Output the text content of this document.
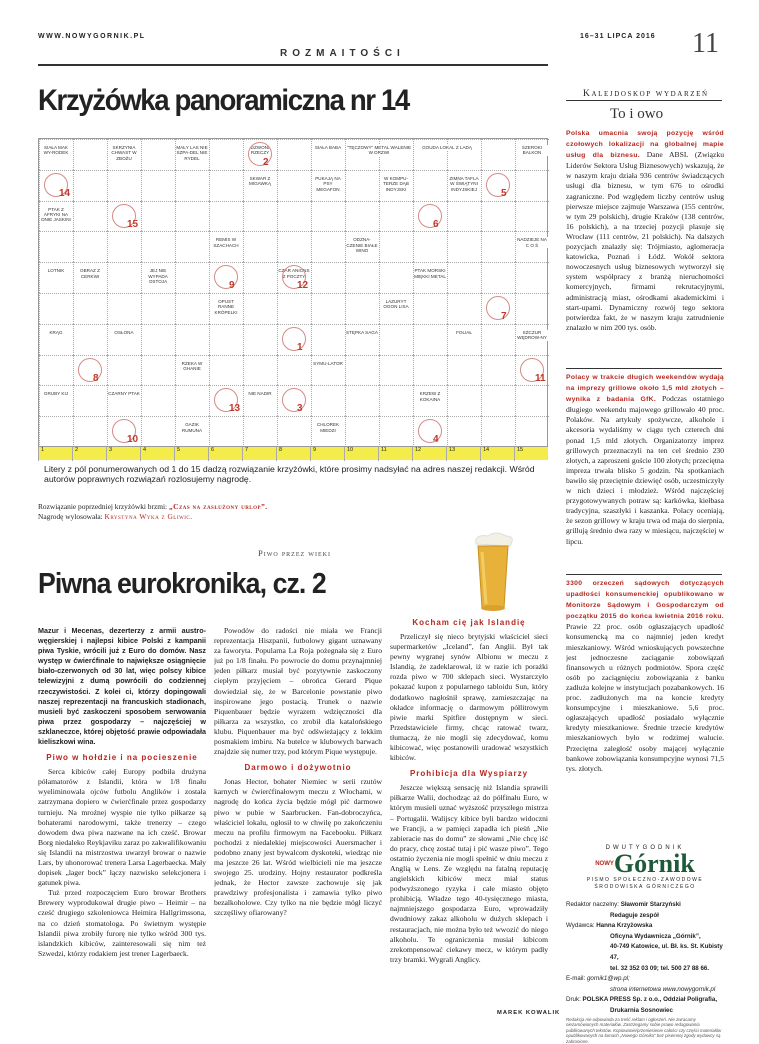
WWW.NOWYGORNIK.PL	16–31 LIPCA 2016 11
ROZMAITOŚCI
Krzyżówka panoramiczna nr 14
SIAŁA MAK WY-RODEK
SKRZYNIA CHWAST W ZBOŻU
MAŁY LAS NIE SZPA-DEL NIE RYDEL
DZWONI RZECZY
SIAŁA BABA	"TĘCZOWY" METAL WALENIE W DRZWI
GOUDA LOKAL Z LADĄ	SZEROKI BALKON
SKWAR Z MIGAWKĄ
PUKAJĄ NA PSY MEGAFON
W KOMPU-TERZE DĄB INDYJSKI
ZIMNA TAFLA W ŚWIĄTYNI INDYJSKIEJ
PTAK Z AFRYKI NA DNIE JASKINI
REMIS W SZACHACH
ODZNA-CZENIE BIAŁE WINO
NADZIEJE NA C O Ś
LOTNIK	OBRAZ Z CERKWI
JEJ NIE WYPADA OSTOJA
CZAR ANIONS Z POCZTY
PTAK MORSKI MIĘKKI METAL
OPUST RANNE KRÓPELKI
LAZURYT OGON LISA
KRĄG	OSŁONA	STĘPKA SAGA	FOLIAŁ	SZCZUR WĘDROW-NY
RZEKA W GHANIE
SYMU-LATOR
GRUBY KIJ	CZARNY PTAK	NIE NADIR	KRZEW Z KOKAINA
GAZIK RUMUNA
CHLOREK MIEDZI
14
2
5
15	6
9	12
7
1
8	11
13	3
10	4
1	2	3	4	5	6	7	8	9	10	11	12	13	14	15
Litery z pól ponumerowanych od 1 do 15 dadzą rozwiązanie krzyżówki, które prosimy nadsyłać na adres naszej redakcji. Wśród autorów poprawnych rozwiązań rozlosujemy nagrodę.
Rozwiązanie poprzedniej krzyżówki brzmi: „Czas na zasłużony urlop”.
Nagrodę wylosowała: Krystyna Wyka z Gliwic.
Piwo przez wieki
Piwna eurokronika, cz. 2
Mazur i Mecenas, dezerterzy z armii austro-węgierskiej i najlepsi kibice Polski z kampanii piwa Tyskie, wrócili już z Euro do domów. Nasz występ w ćwierćfinale to największe osiągnięcie biało-czerwonych od 30 lat, więc polscy kibice telewizyjni z dumą powrócili do codziennej rzeczywistości. Z kolei ci, którzy dopingowali naszej reprezentacji na francuskich stadionach, musieli być zaskoczeni sposobem serwowania piwa przez gospodarzy – najczęściej w szklaneczce, której objętość prawie odpowiadała kieliszkowi wina.
Piwo w hołdzie i na pocieszenie
Serca kibiców całej Europy podbiła drużyna półamatorów z Islandii, która w 1/8 finału wyeliminowała ojców futbolu Anglików i została zatrzymana dopiero w ćwierćfinale przez gospodarzy turnieju. Na mroźnej wyspie nie tylko piłkarze są bohaterami narodowymi, także trenerzy – czego dowodem dwa piwa nazwane na ich cześć. Browar Borg niedaleko Reykjaviku zaraz po zakwalifikowaniu się Islandii na mistrzostwa uwarzył browar o nazwie Lars, by uhonorować trenera Larsa Lagerbaecka. Mały dopisek „lager bock” łączy nazwisko selekcjonera i gatunek piwa.
Tuż przed rozpoczęciem Euro browar Brothers Brewery wyprodukował drugie piwo – Heimir – na cześć drugiego szkoleniowca Heimira Hallgrimssona, na co dzień stomatologa. Po świetnym występie Islandii piwa zrobiły furorę nie tylko wśród 300 tys. islandzkich kibiców, zainteresowali się nim też Szwedzi, którzy rodakiem jest trener Lagerbaeck.
Powodów do radości nie miała we Francji reprezentacja Hiszpanii, futbolowy gigant uznawany za faworyta. Popularna La Roja pożegnała się z Euro już po 1/8 finału. Po powrocie do domu przynajmniej jeden piłkarz musiał być pozytywnie zaskoczony ciepłym przyjęciem – obrońca Gerard Pique dowiedział się, że w Barcelonie powstanie piwo inspirowane jego postacią. Trunek o nazwie Piquenbauer będzie wyrazem wdzięczności dla piłkarza za wszystko, co zrobił dla katalońskiego klubu. Piquenbauer ma być odświeżający z lekkim posmakiem imbiru. Na butelce w klubowych barwach znajdzie się numer trzy, pod którym Pique występuje.
Darmowo i dożywotnio
Jonas Hector, bohater Niemiec w serii rzutów karnych w ćwierćfinałowym meczu z Włochami, w nagrodę do końca życia będzie mógł pić darmowe piwo w pubie w Saarbrucken. Fan-dobroczyńca, właściciel lokalu, ogłosił to w chwilę po zakończeniu meczu na profilu firmowym na Facebooku. Piłkarz pochodzi z niedalekiej miejscowości Auersmacher i podobno znany jest bywalcom dyskoteki, wiedząc nie ma jeszcze 26 lat. Wśród wielbicieli nie ma jeszcze swojego 25. urodziny. Hojny restaurator podkreśla jednak, że Hector zawsze zachowuje się jak prawdziwy profesjonalista i zamawia tylko piwo bezalkoholowe. Czy tylko na nie będzie mógł liczyć szczęśliwy ofiarowany?
Kocham cię jak Islandię
Przeliczył się nieco brytyjski właściciel sieci supermarketów „Iceland”, fan Anglii. Był tak pewny wygranej synów Albionu w meczu z Islandią, że zadeklarował, iż w razie ich porażki rozda piwo w 700 sklepach sieci. Wystarczyło pokazać kupon z popularnego tabloidu Sun, który dodatkowo nagłośnił sprawę, zamieszczając na okładce informację o darmowym półlitrowym piwie marki Spitfire dostępnym w sieci. Przedstawiciele firmy, chcąc ratować twarz, tłumaczą, że nie mogli się zdecydować, komu kibicować, więc postanowili uradować wszystkich kibiców.
Prohibicja dla Wyspiarzy
Jeszcze większą sensację niż Islandia sprawili piłkarze Walii, dochodząc aż do półfinału Euro, w którym musieli uznać wyższość przyszłego mistrza – Portugalii. Walijscy kibice byli bardzo widoczni we Francji, a w pamięci zapadła ich pieśń „Nie zabieracie nas do domu” ze słowami „Nie chcę iść do pracy, chcę zostać tutaj i pić wasze piwo”. Tego ostatnio życzenia nie mogli spełnić w dniu meczu z Anglią w Lens. Ze względu na fatalną reputację angielskich kibiców mecz miał status podwyższonego ryzyka i całe miasto objęto prohibicją. Władze tego 40-tysięcznego miasta, najmniejszego gospodarza Euro, wprowadziły dwudniowy zakaz alkoholu w dużych sklepach i restauracjach, nie można było też wwozić do niego alkoholu. Te ograniczenia musiał kibicom zrekompensować ciekawy mecz, w którym padły trzy bramki. Wygrali Anglicy.
MAREK KOWALIK
Kalejdoskop wydarzeń
To i owo
Polska umacnia swoją pozycję wśród czołowych lokalizacji na globalnej mapie usług dla biznesu. Dane ABSL (Związku Liderów Sektora Usług Biznesowych) wskazują, że w naszym kraju działa 936 centrów świadczących usługi dla biznesu, w tym 676 to ośrodki zagraniczne. Pod względem liczby centrów usług pierwsze miejsce zajmuje Warszawa (155 centrów, w tym 29 polskich), drugie Kraków (138 centrów, 16 polskich), a na trzeciej pozycji plasuje się Wrocław (111 centrów, 21 polskich). Na dalszych pozycjach znalazły się: Trójmiasto, aglomeracja katowicka, Poznań i Łódź. Wokół sektora nowoczesnych usług biznesowych wytworzył się system współpracy z branżą nieruchomości komercyjnych, firmami rekrutacyjnymi, administracją miast, ośrodkami akademickimi i start-upami. Dynamiczny rozwój tego sektora potwierdza fakt, że w naszym kraju zatrudnienie znalazło w nim 200 tys. osób.
Polacy w trakcie długich weekendów wydają na imprezy grillowe około 1,5 mld złotych – wynika z badania GfK. Podczas ostatniego długiego weekendu majowego grillowało 40 proc. Polaków. Na artykuły spożywcze, alkohole i akcesoria wydaliśmy w ciągu tych czterech dni ponad 1,5 mld złotych. Organizatorzy imprez grillowych przeznaczyli na ten cel średnio 230 złotych, a zaproszeni goście 100 złotych; przeciętna impreza trwała blisko 5 godzin. Na spotkaniach bawiło się przeciętnie dziewięć osób, uczestniczyły w nich dzieci i młodzież. Wśród najczęściej przygotowywanych potraw są: karkówka, kiełbasa tradycyjna, szaszłyki i kaszanka. Polacy oceniają, że sezon grillowy w kraju trwa od maja do sierpnia, grillują średnio dwa razy w miesiącu, najczęściej w lipcu.
3300 orzeczeń sądowych dotyczących upadłości konsumenckiej opublikowano w Monitorze Sądowym i Gospodarczym od początku 2015 do końca kwietnia 2016 roku. Prawie 22 proc. osób ogłaszających upadłość konsumencką ma co najmniej jeden kredyt mieszkaniowy. Wśród wnioskujących powszechne jest jednoczesne zaciąganie zobowiązań finansowych u różnych podmiotów. Spora część osób po zaciągnięciu zobowiązania z banku zadłuża kolejne w instytucjach pozabankowych. 16 proc. zadłużonych ma na koncie kredyty konsumpcyjne i mieszkaniowe. 5,6 proc. ogłaszających upadłość posiadało wyłącznie kredyty mieszkaniowe. Średnie trzecie kredytów mieszkaniowych było w rodzimej walucie. Przeciętna zaległość osoby mającej wyłącznie bankowe zobowiązania konsumpcyjne wynosi 71,5 tys. złotych.
DWUTYGODNIK
$^{NOWY}$Górnik
PISMO SPOŁECZNO-ZAWODOWE
ŚRODOWISKA GÓRNICZEGO
Redaktor naczelny: Sławomir Starzyński
Redaguje zespół
Wydawca: Hanna Krzyżowska
Oficyna Wydawnicza „Górnik”,
40-749 Katowice, ul. Bł. ks. St. Kubisty 47,
tel. 32 352 03 09; tel. 500 27 88 66.
E-mail: gornik1@wp.pl;
strona internetowa www.nowygornik.pl
Druk: POLSKA PRESS Sp. z o.o., Oddział Poligrafia,
Drukarnia Sosnowiec
Redakcja nie odpowiada za treść reklam i ogłoszeń. Nie zwracamy niezamówionych materiałów. Zastrzegamy sobie prawo redagowania publikowanych tekstów. Kopiowanie/przeniesienie całości czy części materiałów opublikowanych na łamach „Nowego Górnika” bez pisemnej zgody wydawcy są zabronione.
